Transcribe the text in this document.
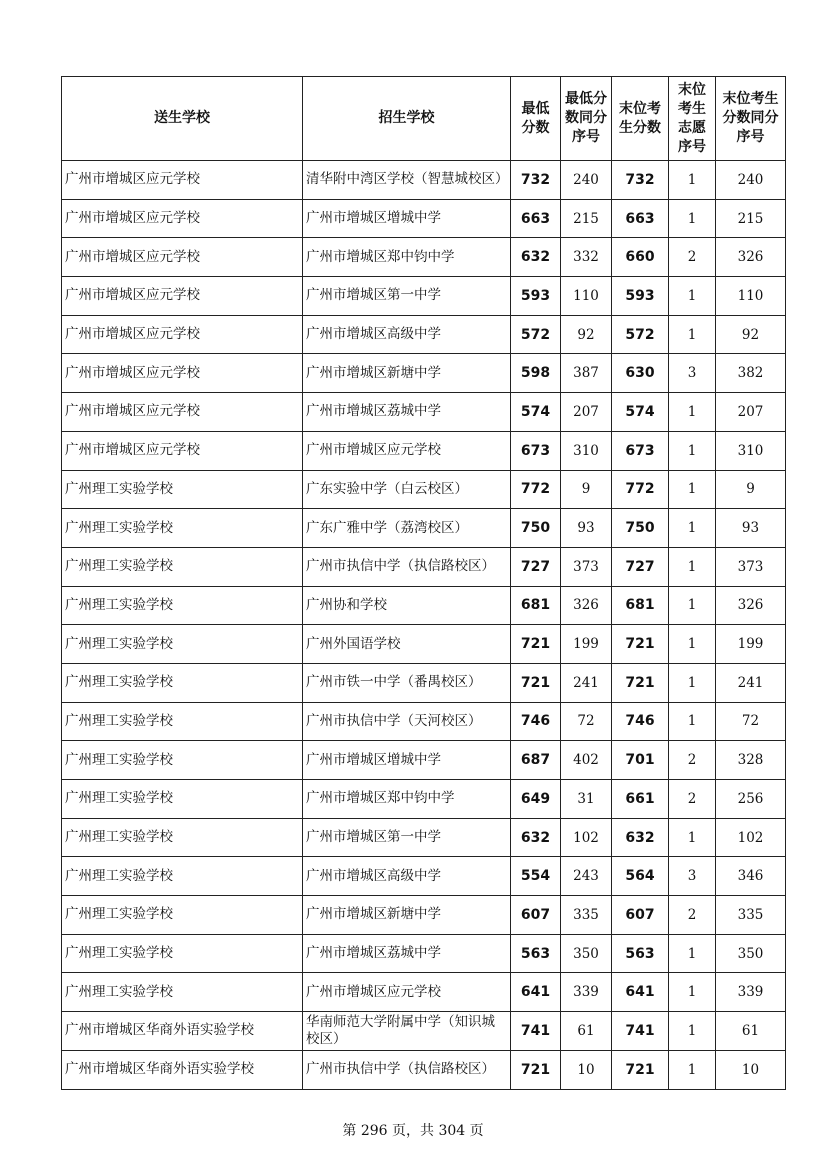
送生学校	招生学校	最低分数	最低分数同分序号	末位考生分数	末位考生志愿序号	末位考生分数同分序号
广州市增城区应元学校	清华附中湾区学校（智慧城校区）	732	240	732	1	240
广州市增城区应元学校	广州市增城区增城中学	663	215	663	1	215
广州市增城区应元学校	广州市增城区郑中钧中学	632	332	660	2	326
广州市增城区应元学校	广州市增城区第一中学	593	110	593	1	110
广州市增城区应元学校	广州市增城区高级中学	572	92	572	1	92
广州市增城区应元学校	广州市增城区新塘中学	598	387	630	3	382
广州市增城区应元学校	广州市增城区荔城中学	574	207	574	1	207
广州市增城区应元学校	广州市增城区应元学校	673	310	673	1	310
广州理工实验学校	广东实验中学（白云校区）	772	9	772	1	9
广州理工实验学校	广东广雅中学（荔湾校区）	750	93	750	1	93
广州理工实验学校	广州市执信中学（执信路校区）	727	373	727	1	373
广州理工实验学校	广州协和学校	681	326	681	1	326
广州理工实验学校	广州外国语学校	721	199	721	1	199
广州理工实验学校	广州市铁一中学（番禺校区）	721	241	721	1	241
广州理工实验学校	广州市执信中学（天河校区）	746	72	746	1	72
广州理工实验学校	广州市增城区增城中学	687	402	701	2	328
广州理工实验学校	广州市增城区郑中钧中学	649	31	661	2	256
广州理工实验学校	广州市增城区第一中学	632	102	632	1	102
广州理工实验学校	广州市增城区高级中学	554	243	564	3	346
广州理工实验学校	广州市增城区新塘中学	607	335	607	2	335
广州理工实验学校	广州市增城区荔城中学	563	350	563	1	350
广州理工实验学校	广州市增城区应元学校	641	339	641	1	339
广州市增城区华商外语实验学校	华南师范大学附属中学（知识城校区）	741	61	741	1	61
广州市增城区华商外语实验学校	广州市执信中学（执信路校区）	721	10	721	1	10
第 296 页，共 304 页
